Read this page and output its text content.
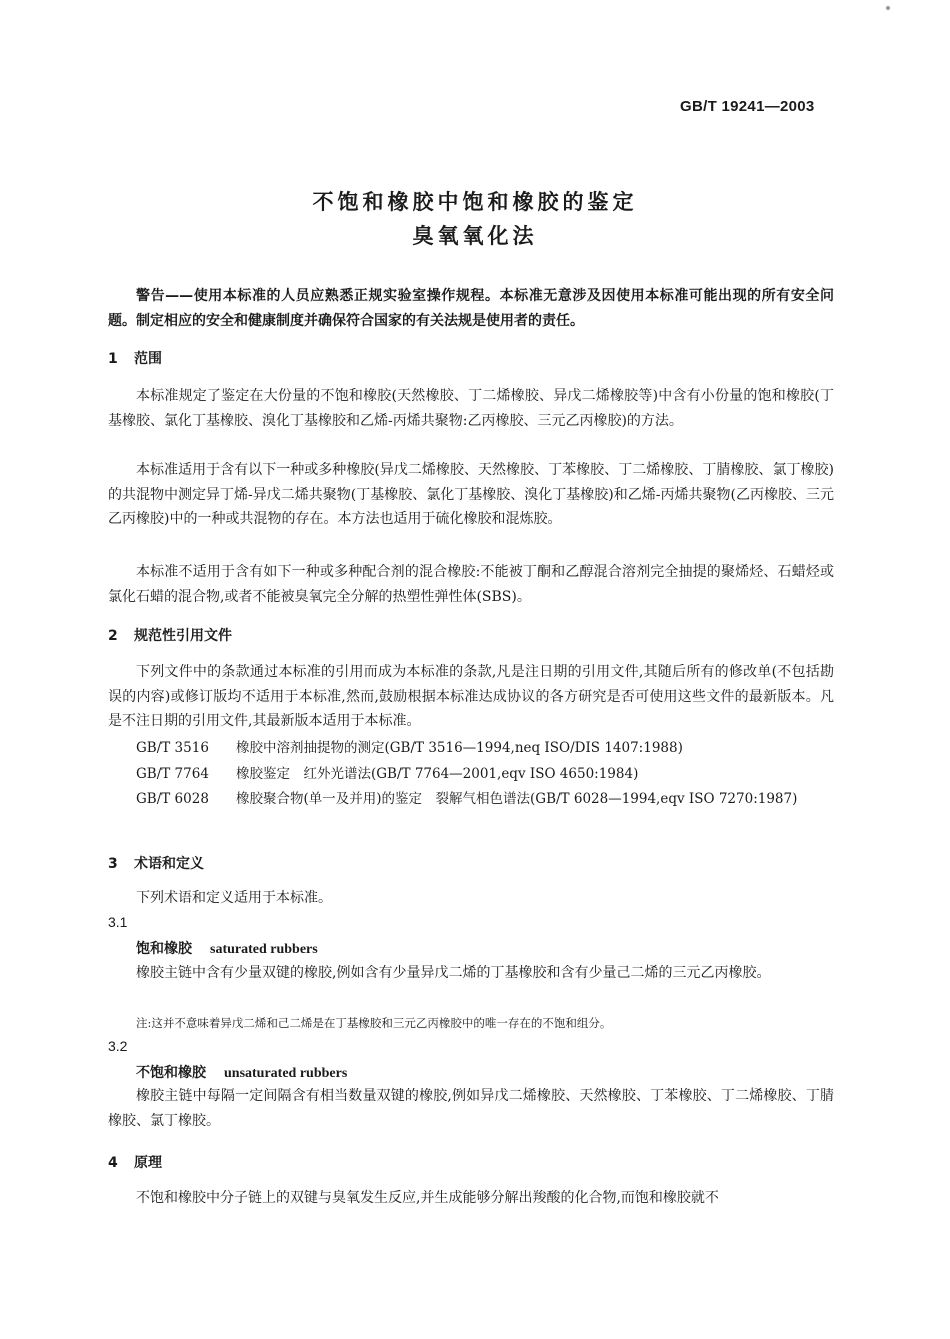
GB/T 19241—2003
不饱和橡胶中饱和橡胶的鉴定
臭氧氧化法
警告——使用本标准的人员应熟悉正规实验室操作规程。本标准无意涉及因使用本标准可能出现的所有安全问题。制定相应的安全和健康制度并确保符合国家的有关法规是使用者的责任。
1 范围
本标准规定了鉴定在大份量的不饱和橡胶(天然橡胶、丁二烯橡胶、异戊二烯橡胶等)中含有小份量的饱和橡胶(丁基橡胶、氯化丁基橡胶、溴化丁基橡胶和乙烯-丙烯共聚物:乙丙橡胶、三元乙丙橡胶)的方法。
本标准适用于含有以下一种或多种橡胶(异戊二烯橡胶、天然橡胶、丁苯橡胶、丁二烯橡胶、丁腈橡胶、氯丁橡胶)的共混物中测定异丁烯-异戊二烯共聚物(丁基橡胶、氯化丁基橡胶、溴化丁基橡胶)和乙烯-丙烯共聚物(乙丙橡胶、三元乙丙橡胶)中的一种或共混物的存在。本方法也适用于硫化橡胶和混炼胶。
本标准不适用于含有如下一种或多种配合剂的混合橡胶:不能被丁酮和乙醇混合溶剂完全抽提的聚烯烃、石蜡烃或氯化石蜡的混合物,或者不能被臭氧完全分解的热塑性弹性体(SBS)。
2 规范性引用文件
下列文件中的条款通过本标准的引用而成为本标准的条款,凡是注日期的引用文件,其随后所有的修改单(不包括勘误的内容)或修订版均不适用于本标准,然而,鼓励根据本标准达成协议的各方研究是否可使用这些文件的最新版本。凡是不注日期的引用文件,其最新版本适用于本标准。
GB/T 3516 橡胶中溶剂抽提物的测定(GB/T 3516—1994,neq ISO/DIS 1407:1988)
GB/T 7764 橡胶鉴定　红外光谱法(GB/T 7764—2001,eqv ISO 4650:1984)
GB/T 6028 橡胶聚合物(单一及并用)的鉴定　裂解气相色谱法(GB/T 6028—1994,eqv ISO 7270:1987)
3 术语和定义
下列术语和定义适用于本标准。
3.1
饱和橡胶 saturated rubbers
橡胶主链中含有少量双键的橡胶,例如含有少量异戊二烯的丁基橡胶和含有少量己二烯的三元乙丙橡胶。
注:这并不意味着异戊二烯和己二烯是在丁基橡胶和三元乙丙橡胶中的唯一存在的不饱和组分。
3.2
不饱和橡胶 unsaturated rubbers
橡胶主链中每隔一定间隔含有相当数量双键的橡胶,例如异戊二烯橡胶、天然橡胶、丁苯橡胶、丁二烯橡胶、丁腈橡胶、氯丁橡胶。
4 原理
不饱和橡胶中分子链上的双键与臭氧发生反应,并生成能够分解出羧酸的化合物,而饱和橡胶就不
